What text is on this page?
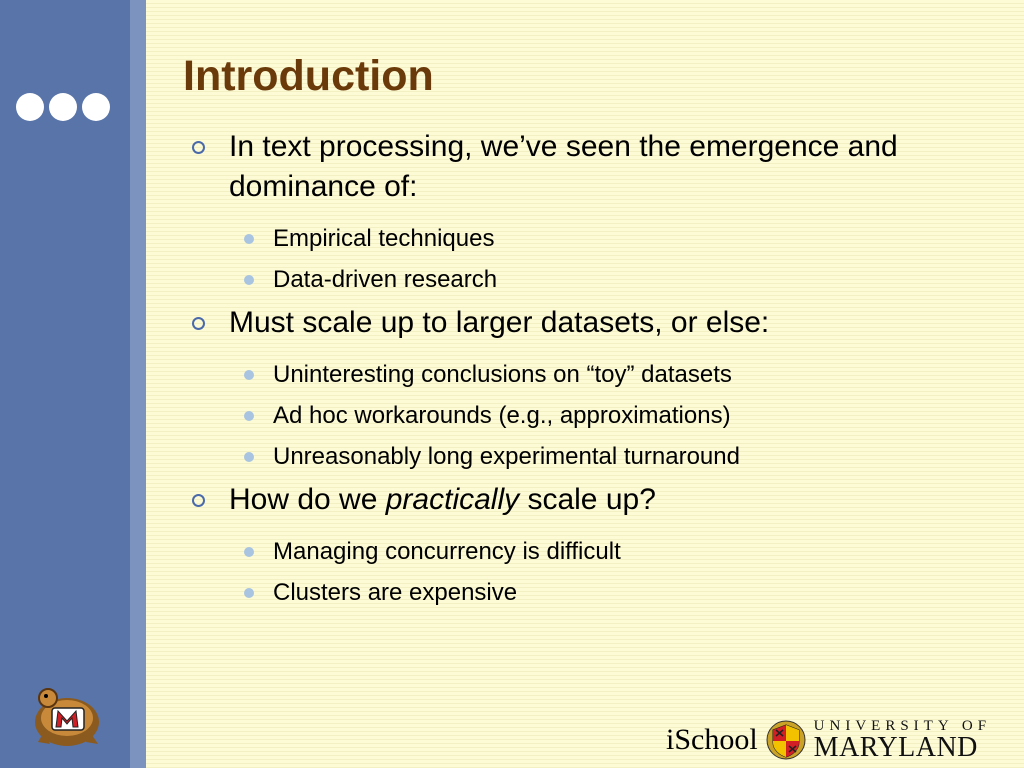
Introduction
In text processing, we’ve seen the emergence and dominance of:
Empirical techniques
Data-driven research
Must scale up to larger datasets, or else:
Uninteresting conclusions on “toy” datasets
Ad hoc workarounds (e.g., approximations)
Unreasonably long experimental turnaround
How do we practically scale up?
Managing concurrency is difficult
Clusters are expensive
iSchool	UNIVERSITY OF
MARYLAND
